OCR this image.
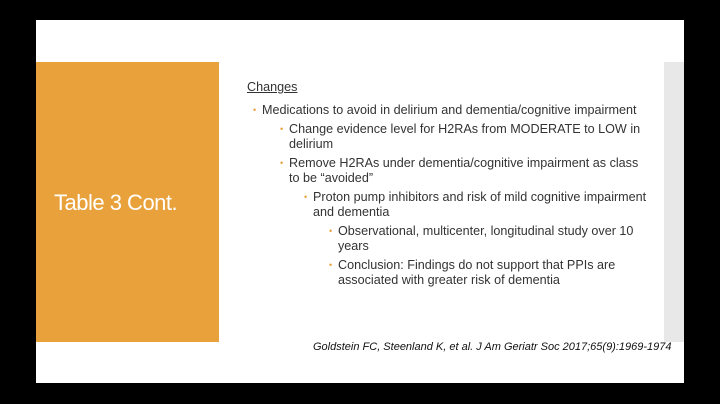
Table 3 Cont.
Changes
• Medications to avoid in delirium and dementia/cognitive impairment
• Change evidence level for H2RAs from MODERATE to LOW in delirium
• Remove H2RAs under dementia/cognitive impairment as class to be “avoided”
• Proton pump inhibitors and risk of mild cognitive impairment and dementia
• Observational, multicenter, longitudinal study over 10 years
• Conclusion: Findings do not support that PPIs are associated with greater risk of dementia
Goldstein FC, Steenland K, et al. J Am Geriatr Soc 2017;65(9):1969-1974
